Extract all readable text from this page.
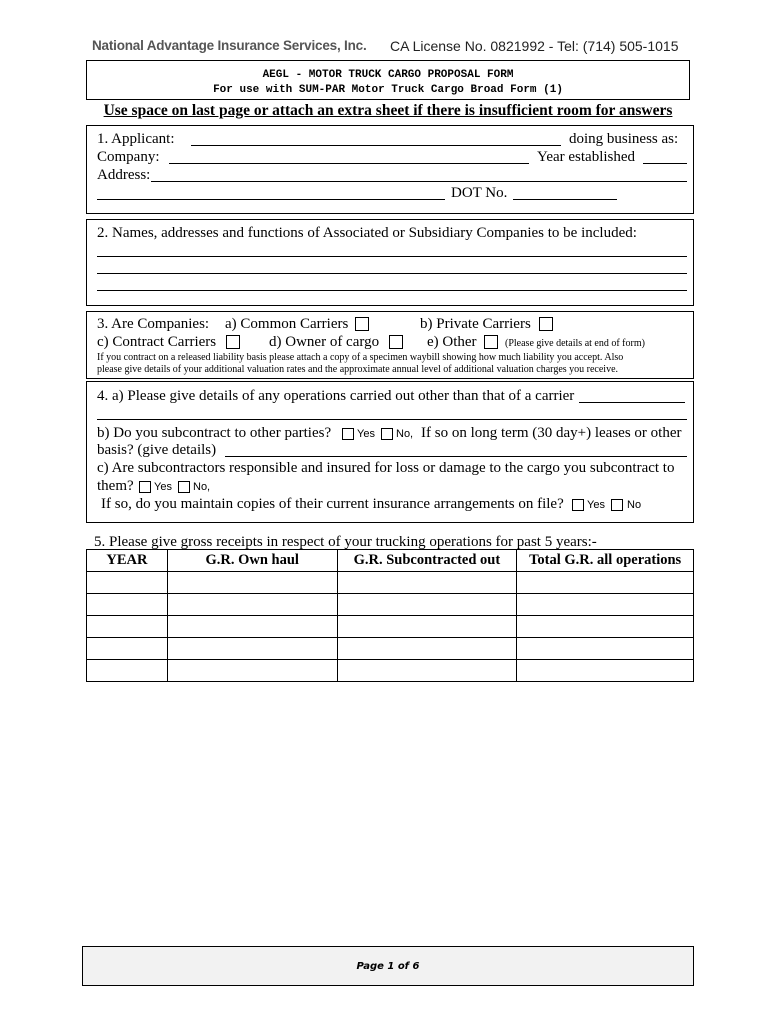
National Advantage Insurance Services, Inc. CA License No. 0821992 - Tel: (714) 505-1015
AEGL - MOTOR TRUCK CARGO PROPOSAL FORM
For use with SUM-PAR Motor Truck Cargo Broad Form (1)
Use space on last page or attach an extra sheet if there is insufficient room for answers
1. Applicant:	doing business as:
Company:	Year established
Address:
DOT No.
2. Names, addresses and functions of Associated or Subsidiary Companies to be included:
3. Are Companies: a) Common Carriers	b) Private Carriers
c) Contract Carriers	d) Owner of cargo	e) Other	(Please give details at end of form)
If you contract on a released liability basis please attach a copy of a specimen waybill showing how much liability you accept. Also
please give details of your additional valuation rates and the approximate annual level of additional valuation charges you receive.
4. a) Please give details of any operations carried out other than that of a carrier
b) Do you subcontract to other parties? Yes No, If so on long term (30 day+) leases or other
basis? (give details)
c) Are subcontractors responsible and insured for loss or damage to the cargo you subcontract to
them? Yes No,
If so, do you maintain copies of their current insurance arrangements on file? Yes No
5. Please give gross receipts in respect of your trucking operations for past 5 years:-
YEAR	G.R. Own haul	G.R. Subcontracted out	Total G.R. all operations

Page 1 of 6
